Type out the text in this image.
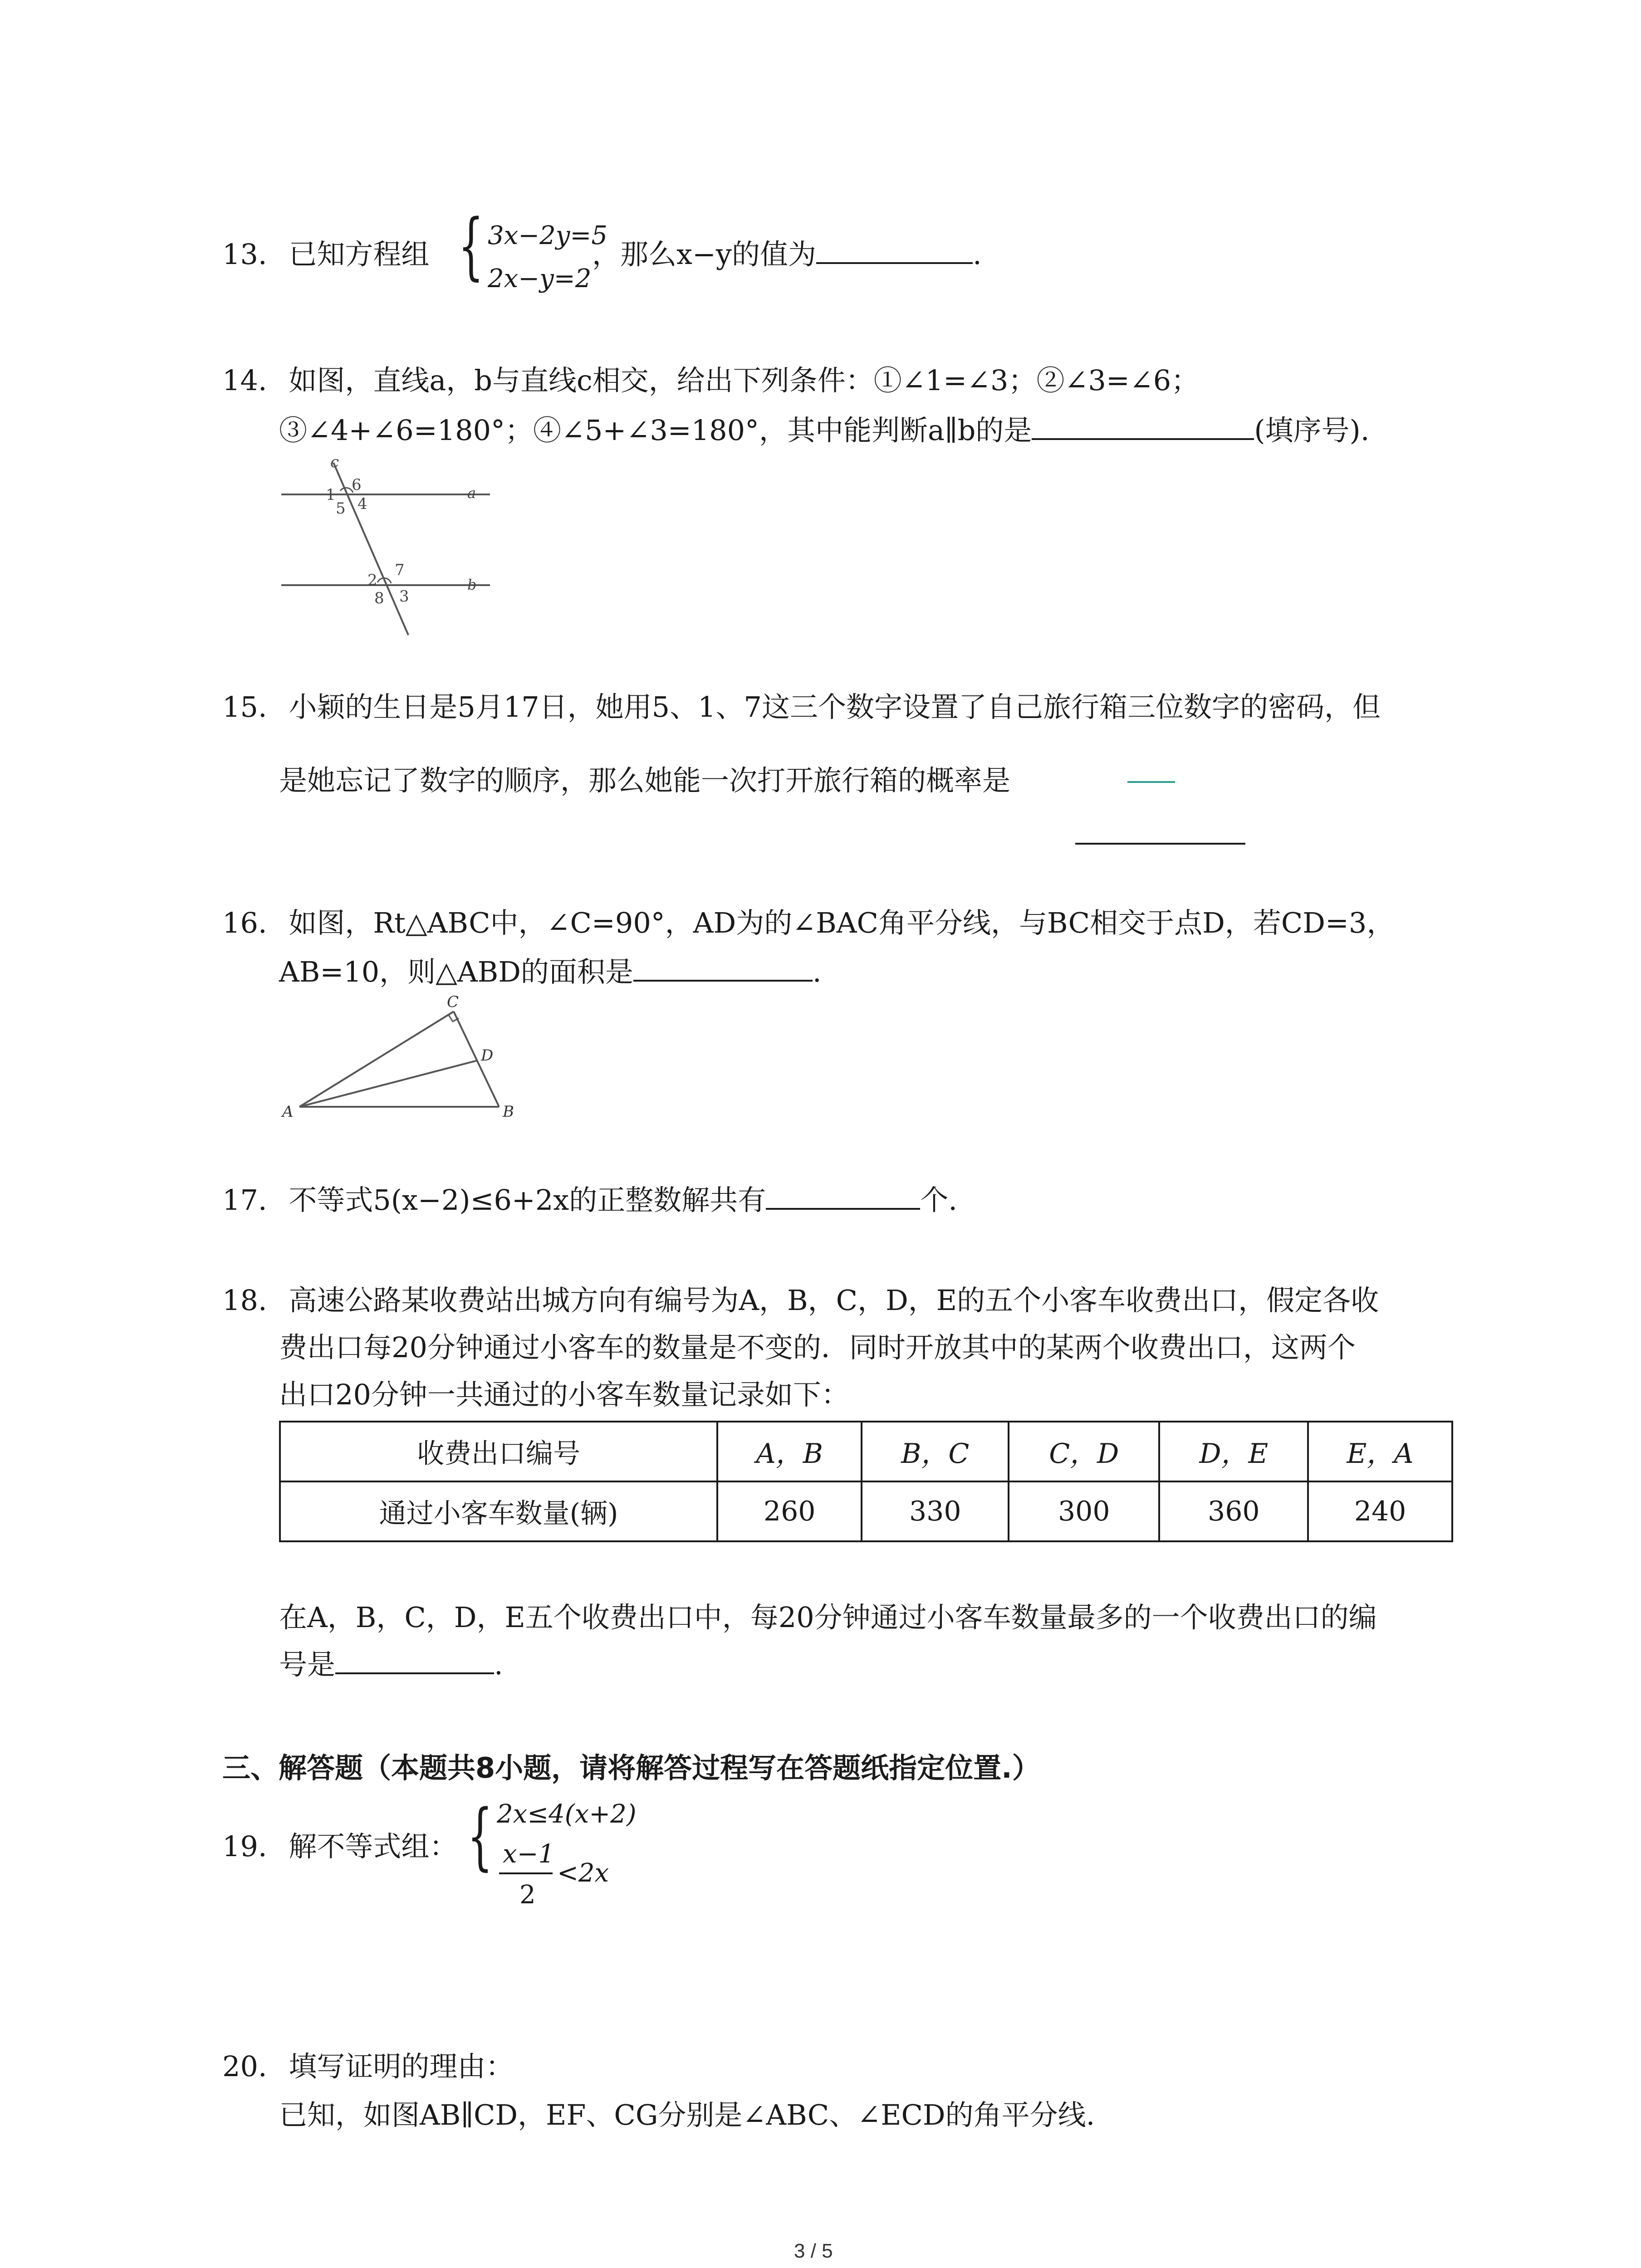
13. 已知方程组 { 3x−2y=5
2x−y=2
，那么x−y的值为	.
14. 如图，直线a，b与直线c相交，给出下列条件：①∠1=∠3；②∠3=∠6；
③∠4+∠6=180°；④∠5+∠3=180°，其中能判断a∥b的是	(填序号).
c
6
1
5 4
a
7
2
8 3
b
15. 小颖的生日是5月17日，她用5、1、7这三个数字设置了自己旅行箱三位数字的密码，但
是她忘记了数字的顺序，那么她能一次打开旅行箱的概率是
16. 如图，Rt△ABC中，∠C=90°，AD为的∠BAC角平分线，与BC相交于点D，若CD=3，
AB=10，则△ABD的面积是	.
C
D
A	B
17. 不等式5(x−2)≤6+2x的正整数解共有	个.
18. 高速公路某收费站出城方向有编号为A，B，C，D，E的五个小客车收费出口，假定各收
费出口每20分钟通过小客车的数量是不变的．同时开放其中的某两个收费出口，这两个
出口20分钟一共通过的小客车数量记录如下：
收费出口编号	A，B	B，C	C，D	D，E	E，A
通过小客车数量(辆)	260	330	300	360	240
在A，B，C，D，E五个收费出口中，每20分钟通过小客车数量最多的一个收费出口的编
号是	.
三、解答题（本题共8小题，请将解答过程写在答题纸指定位置.）
19. 解不等式组： { 2x≤4(x+2)
x−1
2
<2x
20. 填写证明的理由：
已知，如图AB∥CD，EF、CG分别是∠ABC、∠ECD的角平分线.
3 / 5
